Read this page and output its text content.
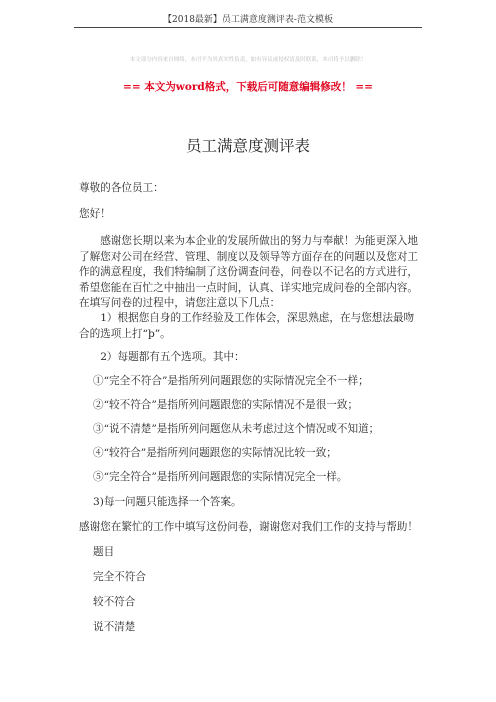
【2018最新】员工满意度测评表-范文模板
本文部分内容来自网络，本司不为其真实性负责，如有异议或侵权请及时联系，本司将予以删除！
== 本文为word格式，下载后可随意编辑修改！ ==
员工满意度测评表

尊敬的各位员工：

您好！

感谢您长期以来为本企业的发展所做出的努力与奉献！为能更深入地了解您对公司在经营、管理、制度以及领导等方面存在的问题以及您对工作的满意程度，我们特编制了这份调查问卷，问卷以不记名的方式进行，希望您能在百忙之中抽出一点时间，认真、详实地完成问卷的全部内容。在填写问卷的过程中，请您注意以下几点：

1）根据您自身的工作经验及工作体会，深思熟虑，在与您想法最吻合的选项上打“þ”。

2）每题都有五个选项。其中：

①“完全不符合”是指所列问题跟您的实际情况完全不一样；

②“较不符合”是指所列问题跟您的实际情况不是很一致；

③“说不清楚”是指所列问题您从未考虑过这个情况或不知道；

④“较符合”是指所列问题跟您的实际情况比较一致；

⑤“完全符合”是指所列问题跟您的实际情况完全一样。

3)每一问题只能选择一个答案。

感谢您在繁忙的工作中填写这份问卷，谢谢您对我们工作的支持与帮助！

题目

完全不符合

较不符合

说不清楚
